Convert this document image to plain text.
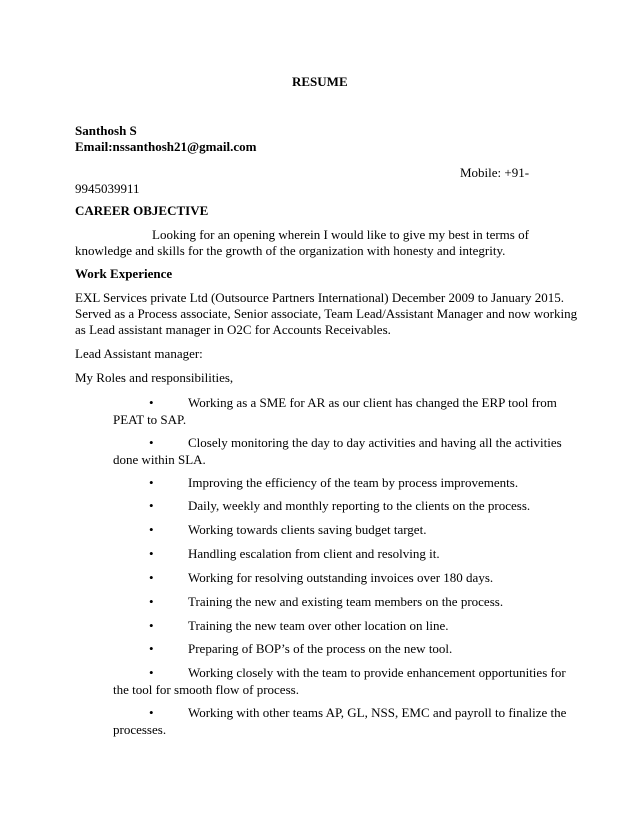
RESUME
Santhosh S
Email:nssanthosh21@gmail.com
Mobile: +91-
9945039911
CAREER OBJECTIVE
Looking for an opening wherein I would like to give my best in terms of
knowledge and skills for the growth of the organization with honesty and integrity.
Work Experience
EXL Services private Ltd (Outsource Partners International) December 2009 to January 2015.
Served as a Process associate, Senior associate, Team Lead/Assistant Manager and now working
as Lead assistant manager in O2C for Accounts Receivables.
Lead Assistant manager:
My Roles and responsibilities,
•	Working as a SME for AR as our client has changed the ERP tool from
PEAT to SAP.
•	Closely monitoring the day to day activities and having all the activities
done within SLA.
•	Improving the efficiency of the team by process improvements.
•	Daily, weekly and monthly reporting to the clients on the process.
•	Working towards clients saving budget target.
•	Handling escalation from client and resolving it.
•	Working for resolving outstanding invoices over 180 days.
•	Training the new and existing team members on the process.
•	Training the new team over other location on line.
•	Preparing of BOP’s of the process on the new tool.
•	Working closely with the team to provide enhancement opportunities for
the tool for smooth flow of process.
•	Working with other teams AP, GL, NSS, EMC and payroll to finalize the
processes.
